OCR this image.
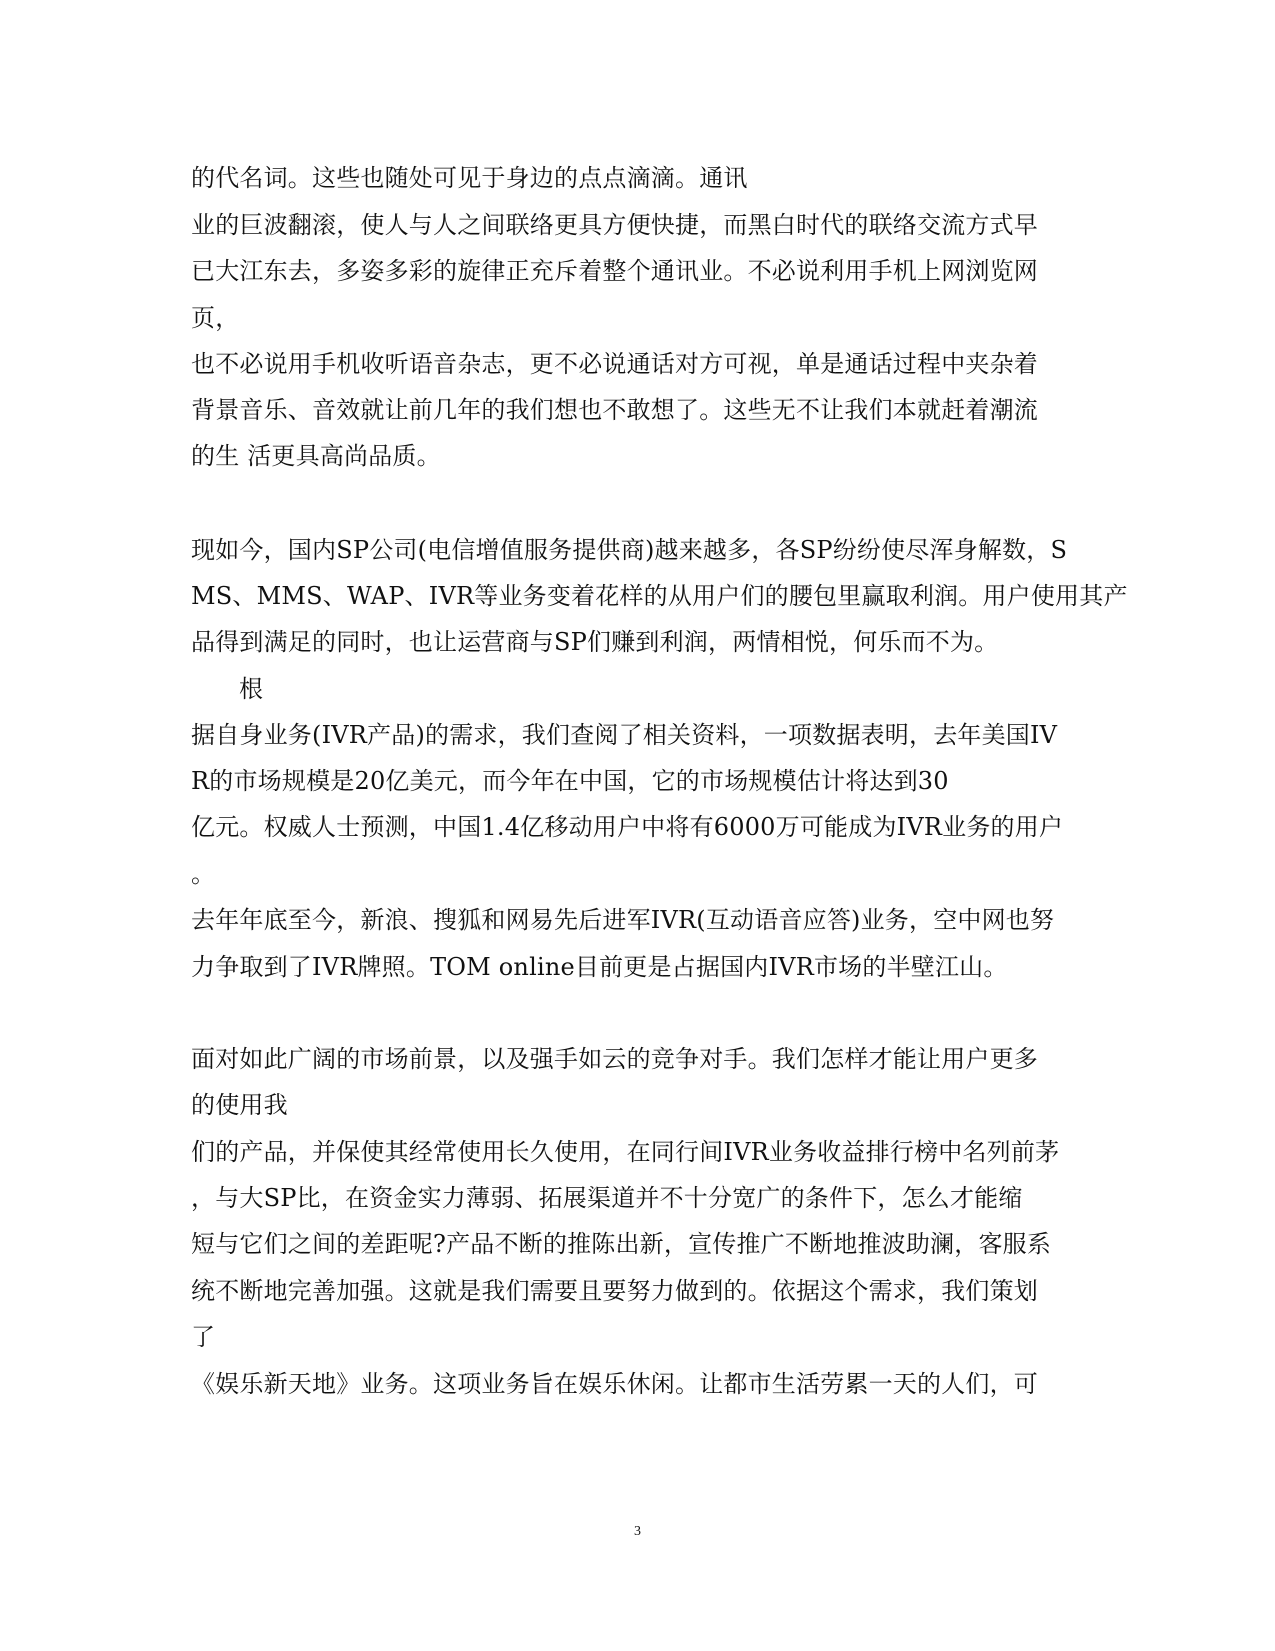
的代名词。这些也随处可见于身边的点点滴滴。通讯
业的巨波翻滚，使人与人之间联络更具方便快捷，而黑白时代的联络交流方式早
已大江东去，多姿多彩的旋律正充斥着整个通讯业。不必说利用手机上网浏览网
页，
也不必说用手机收听语音杂志，更不必说通话对方可视，单是通话过程中夹杂着
背景音乐、音效就让前几年的我们想也不敢想了。这些无不让我们本就赶着潮流
的生 活更具高尚品质。
现如今，国内SP公司(电信增值服务提供商)越来越多，各SP纷纷使尽浑身解数，S
MS、MMS、WAP、IVR等业务变着花样的从用户们的腰包里赢取利润。用户使用其产
品得到满足的同时，也让运营商与SP们赚到利润，两情相悦，何乐而不为。
根
据自身业务(IVR产品)的需求，我们查阅了相关资料，一项数据表明，去年美国IV
R的市场规模是20亿美元，而今年在中国，它的市场规模估计将达到30
亿元。权威人士预测，中国1.4亿移动用户中将有6000万可能成为IVR业务的用户
。
去年年底至今，新浪、搜狐和网易先后进军IVR(互动语音应答)业务，空中网也努
力争取到了IVR牌照。TOM online目前更是占据国内IVR市场的半壁江山。
面对如此广阔的市场前景，以及强手如云的竞争对手。我们怎样才能让用户更多
的使用我
们的产品，并保使其经常使用长久使用，在同行间IVR业务收益排行榜中名列前茅
，与大SP比，在资金实力薄弱、拓展渠道并不十分宽广的条件下，怎么才能缩
短与它们之间的差距呢?产品不断的推陈出新，宣传推广不断地推波助澜，客服系
统不断地完善加强。这就是我们需要且要努力做到的。依据这个需求，我们策划
了
《娱乐新天地》业务。这项业务旨在娱乐休闲。让都市生活劳累一天的人们，可
3
